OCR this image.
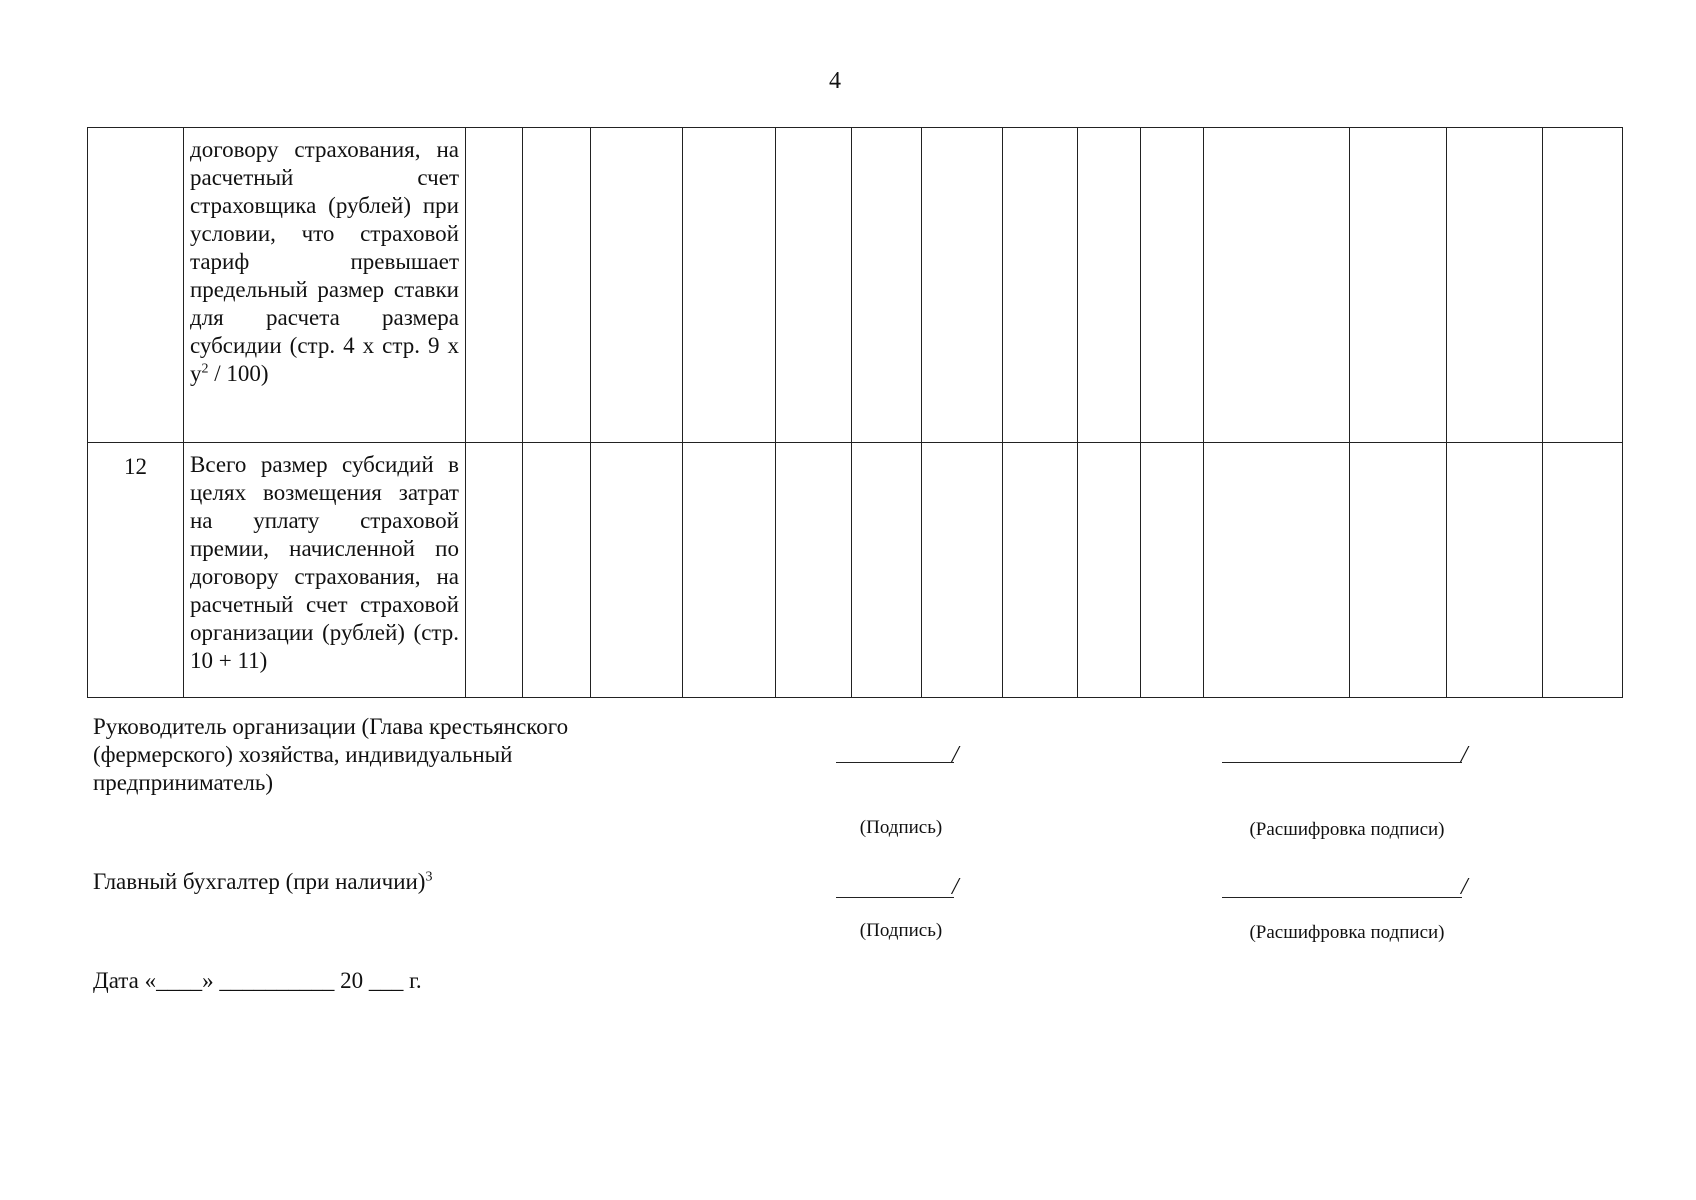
4
	договору страхования, на расчетный счет страховщика (рублей) при условии, что страховой тариф превышает предельный размер ставки для расчета размера субсидии (стр. 4 х стр. 9 х $y^2 / 100$)														
12	Всего размер субсидий в целях возмещения затрат на уплату страховой премии, начисленной по договору страхования, на расчетный счет страховой организации (рублей) (стр. 10 + 11)														
Руководитель организации (Глава крестьянского (фермерского) хозяйства, индивидуальный предприниматель)
/
(Подпись)
/
(Расшифровка подписи)
Главный бухгалтер (при наличии)$^3$	/
(Подпись)
/
(Расшифровка подписи)
Дата «____» __________ 20 ___ г.
